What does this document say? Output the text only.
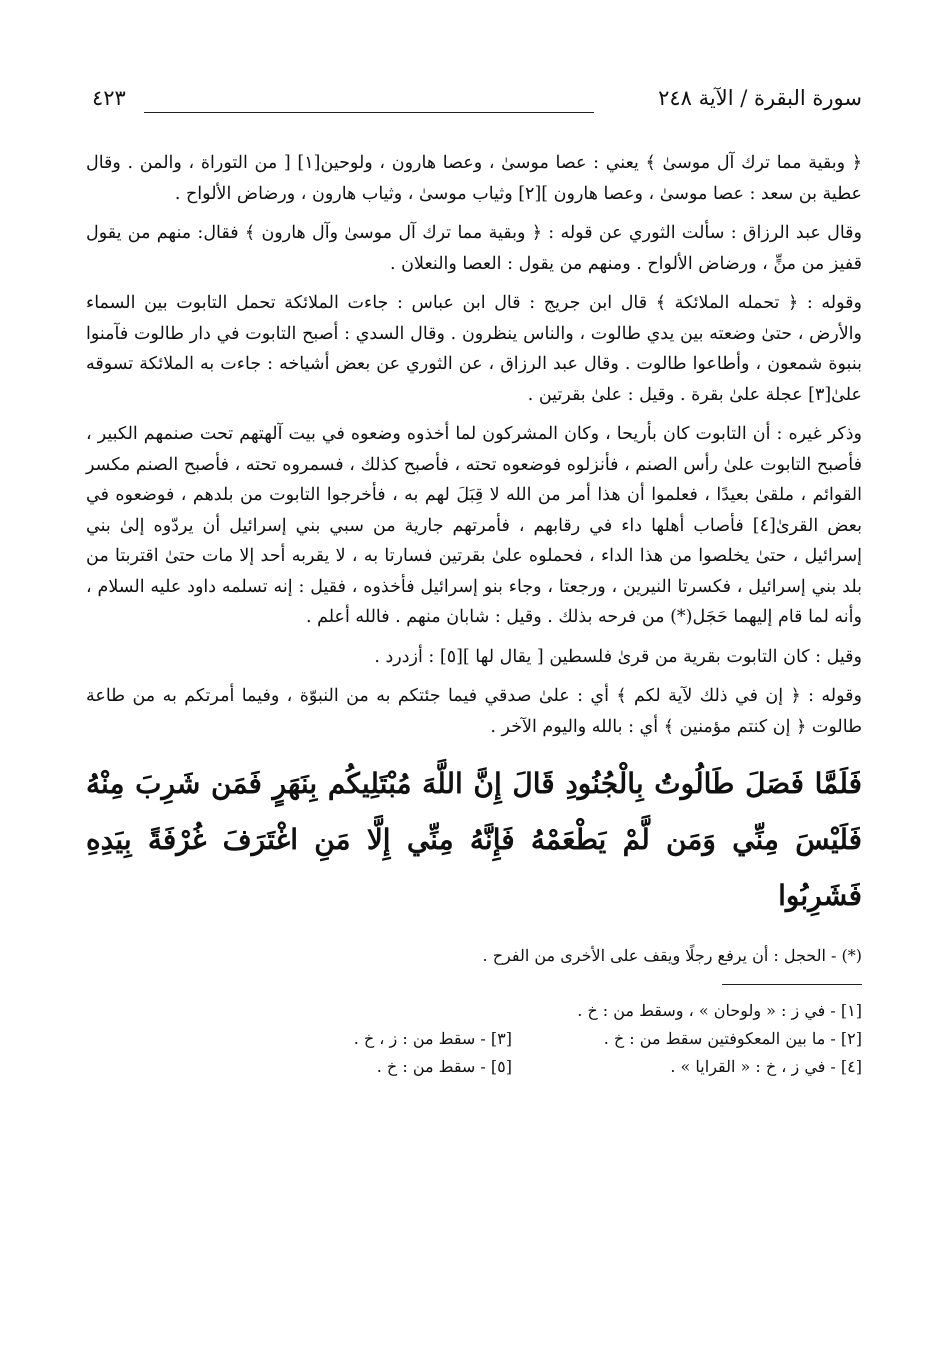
سورة البقرة / الآية ٢٤٨
٤٢٣

﴿ وبقية مما ترك آل موسىٰ ﴾ يعني : عصا موسىٰ ، وعصا هارون ، ولوحين[١] [ من التوراة ، والمن . وقال عطية بن سعد : عصا موسىٰ ، وعصا هارون ][٢] وثياب موسىٰ ، وثياب هارون ، ورضاض الألواح .

وقال عبد الرزاق : سألت الثوري عن قوله : ﴿ وبقية مما ترك آل موسىٰ وآل هارون ﴾ فقال: منهم من يقول قفيز من منٍّ ، ورضاض الألواح . ومنهم من يقول : العصا والنعلان .

وقوله : ﴿ تحمله الملائكة ﴾ قال ابن جريج : قال ابن عباس : جاءت الملائكة تحمل التابوت بين السماء والأرض ، حتىٰ وضعته بين يدي طالوت ، والناس ينظرون . وقال السدي : أصبح التابوت في دار طالوت فآمنوا بنبوة شمعون ، وأطاعوا طالوت . وقال عبد الرزاق ، عن الثوري عن بعض أشياخه : جاءت به الملائكة تسوقه علىٰ[٣] عجلة علىٰ بقرة . وقيل : علىٰ بقرتين .

وذكر غيره : أن التابوت كان بأريحا ، وكان المشركون لما أخذوه وضعوه في بيت آلهتهم تحت صنمهم الكبير ، فأصبح التابوت علىٰ رأس الصنم ، فأنزلوه فوضعوه تحته ، فأصبح كذلك ، فسمروه تحته ، فأصبح الصنم مكسر القوائم ، ملقىٰ بعيدًا ، فعلموا أن هذا أمر من الله لا قِبَلَ لهم به ، فأخرجوا التابوت من بلدهم ، فوضعوه في بعض القرىٰ[٤] فأصاب أهلها داء في رقابهم ، فأمرتهم جارية من سبي بني إسرائيل أن يردّوه إلىٰ بني إسرائيل ، حتىٰ يخلصوا من هذا الداء ، فحملوه علىٰ بقرتين فسارتا به ، لا يقربه أحد إلا مات حتىٰ اقتربتا من بلد بني إسرائيل ، فكسرتا النيرين ، ورجعتا ، وجاء بنو إسرائيل فأخذوه ، فقيل : إنه تسلمه داود عليه السلام ، وأنه لما قام إليهما حَجَل(*) من فرحه بذلك . وقيل : شابان منهم . فالله أعلم .

وقيل : كان التابوت بقرية من قرىٰ فلسطين [ يقال لها ][٥] : أزدرد .

وقوله : ﴿ إن في ذلك لآية لكم ﴾ أي : علىٰ صدقي فيما جئتكم به من النبوّة ، وفيما أمرتكم به من طاعة طالوت ﴿ إن كنتم مؤمنين ﴾ أي : بالله واليوم الآخر .

فَلَمَّا فَصَلَ طَالُوتُ بِالْجُنُودِ قَالَ إِنَّ اللَّهَ مُبْتَلِيكُم بِنَهَرٍ فَمَن شَرِبَ مِنْهُ فَلَيْسَ مِنِّي وَمَن لَّمْ يَطْعَمْهُ فَإِنَّهُ مِنِّي إِلَّا مَنِ اغْتَرَفَ غُرْفَةً بِيَدِهِ فَشَرِبُوا

(*) - الحجل : أن يرفع رجلًا ويقف على الأخرى من الفرح .

[١] - في ز : « ولوحان » ، وسقط من : خ .

[٢] - ما بين المعكوفتين سقط من : خ .

[٣] - سقط من : ز ، خ .

[٤] - في ز ، خ : « القرايا » .

[٥] - سقط من : خ .
